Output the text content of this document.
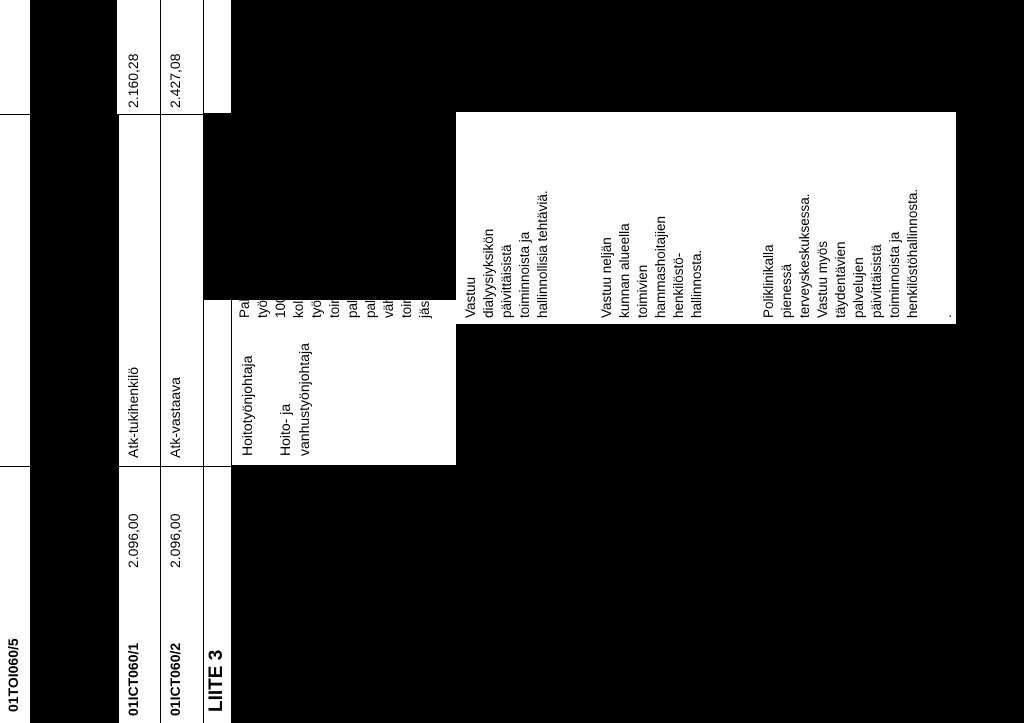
01TOI060/5
Hoitaa
henkilöstöhallinnon
valmistelutehtäviä ja
toimii
eläkeasiamiehenä
01ICT060/1
2.096,00
Atk-tukihenkilö
2.160,28
01ICT060/2
2.096,00
Atk-vastaava
2.427,08
LIITE 3
Hoitotyönjohtaja Hoito- ja
vanhustyönjohtaja
Palveluyksikön
työntekijämäärä yli
100 ja vähintään
kolmen yli 10
työntekijän
toimipaikkaa
palveluyksikössä tai
palveluyksikössä
vähintään viisi
toimipistettä kaikissa
jäsenkunnissa .
Vastuu
dialyysiyksikön
päivittäisistä
toiminnoista ja
hallinnollisia tehtäviä.
Vastuu neljän
kunnan alueella
toimivien
hammashoitajien
henkilöstö-
hallinnosta.	Poliklinikalla
pienessä
terveyskeskuksessa.
Vastuu myös
täydentävien
palvelujen
päivittäisistä
toiminnoista ja
henkilöstöhallinnosta. .
